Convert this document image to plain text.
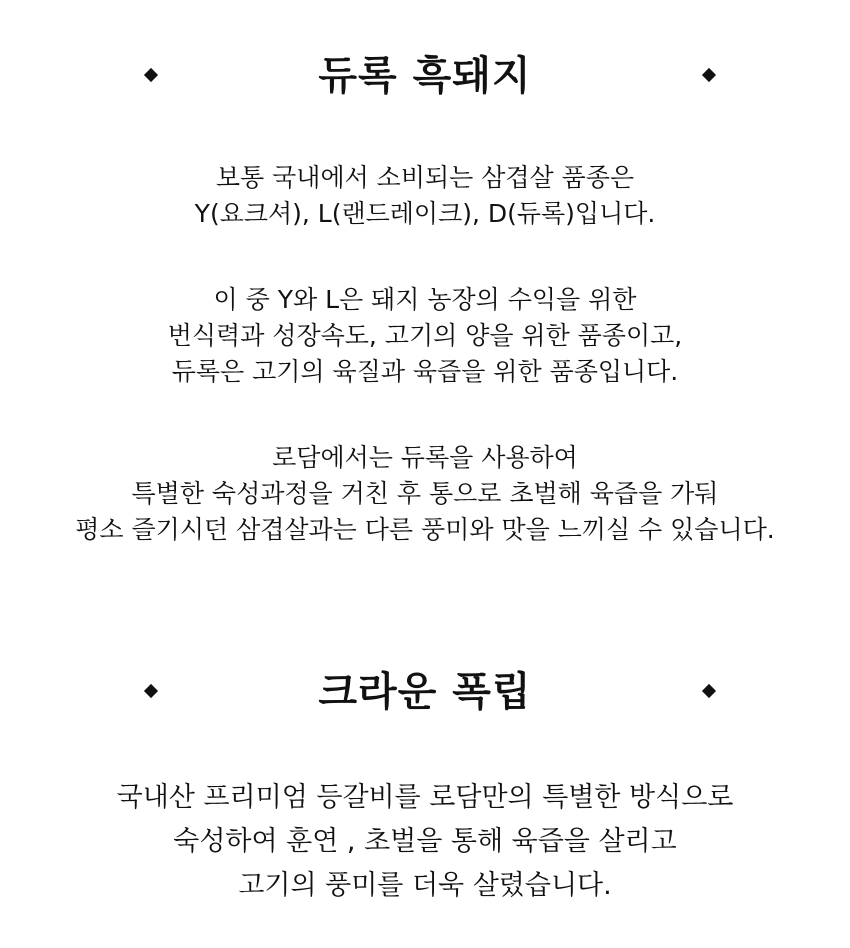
듀록 흑돼지

보통 국내에서 소비되는 삼겹살 품종은
Y(요크셔), L(랜드레이크), D(듀록)입니다.

이 중 Y와 L은 돼지 농장의 수익을 위한
번식력과 성장속도, 고기의 양을 위한 품종이고,
듀록은 고기의 육질과 육즙을 위한 품종입니다.

로담에서는 듀록을 사용하여
특별한 숙성과정을 거친 후 통으로 초벌해 육즙을 가둬
평소 즐기시던 삼겹살과는 다른 풍미와 맛을 느끼실 수 있습니다.

크라운 폭립

국내산 프리미엄 등갈비를 로담만의 특별한 방식으로
숙성하여 훈연 , 초벌을 통해 육즙을 살리고
고기의 풍미를 더욱 살렸습니다.
